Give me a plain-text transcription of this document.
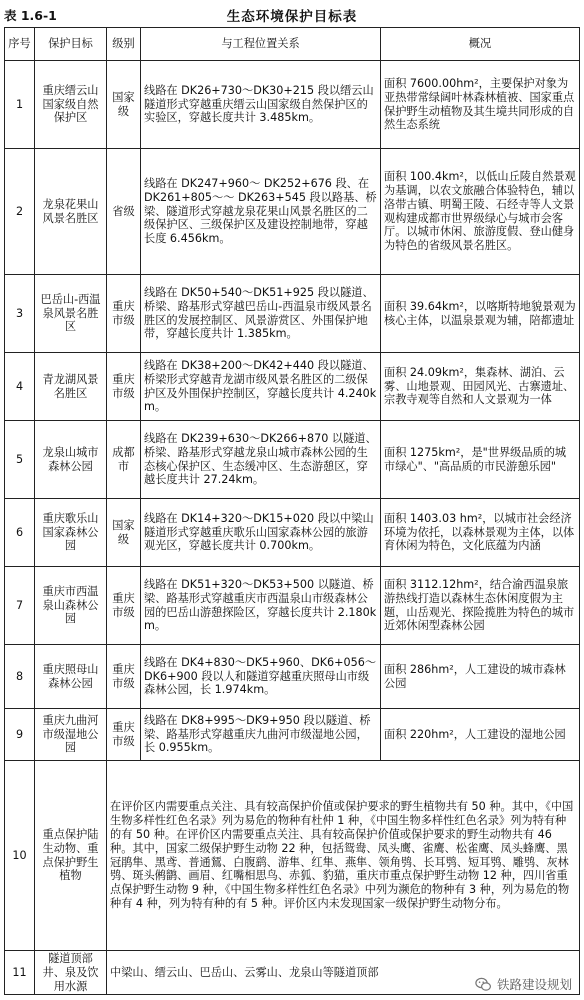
表 1.6-1	生态环境保护目标表
序号	保护目标	级别	与工程位置关系	概况
1	重庆缙云山国家级自然保护区	国家级	线路在 DK26+730～DK30+215 段以缙云山隧道形式穿越重庆缙云山国家级自然保护区的实验区，穿越长度共计 3.485km。	面积 7600.00hm²，主要保护对象为亚热带常绿阔叶林森林植被、国家重点保护野生动植物及其生境共同形成的自然生态系统
2	龙泉花果山风景名胜区	省级	线路在 DK247+960～ DK252+676 段、在 DK261+805～～ DK263+545 段以路基、桥梁、隧道形式穿越龙泉花果山风景名胜区的二级保护区、三级保护区及建设控制地带，穿越长度 6.456km。	面积 100.4km²，以低山丘陵自然景观为基调，以农文旅融合体验特色，辅以洛带古镇、明蜀王陵、石经寺等人文景观构建成都市世界级绿心与城市会客厅。以城市休闲、旅游度假、登山健身为特色的省级风景名胜区。
3	巴岳山-西温泉风景名胜区	重庆市级	线路在 DK50+540～DK51+925 段以隧道、桥梁、路基形式穿越巴岳山-西温泉市级风景名胜区的发展控制区、风景游赏区、外围保护地带，穿越长度共计 1.385km。	面积 39.64km²，以喀斯特地貌景观为核心主体，以温泉景观为辅，陪都遗址
4	青龙湖风景名胜区	重庆市级	线路在 DK38+200～DK42+440 段以隧道、桥梁形式穿越青龙湖市级风景名胜区的二级保护区及外围保护控制区，穿越长度共计 4.240km。	面积 24.09km²，集森林、湖泊、云雾、山地景观、田园风光、古寨遗址、宗教寺观等自然和人文景观为一体
5	龙泉山城市森林公园	成都市	线路在 DK239+630～DK266+870 以隧道、桥梁、路基形式穿越龙泉山城市森林公园的生态核心保护区、生态缓冲区、生态游憩区，穿越长度共计 27.24km。	面积 1275km²，是"世界级品质的城市绿心"、"高品质的市民游憩乐园"
6	重庆歌乐山国家森林公园	国家级	线路在 DK14+320～DK15+020 段以中梁山隧道形式穿越重庆歌乐山国家森林公园的旅游观光区，穿越长度共计 0.700km。	面积 1403.03 hm²，以城市社会经济环境为依托，以森林景观为主体，以体育休闲为特色，文化底蕴为内涵
7	重庆市西温泉山森林公园	重庆市级	线路在 DK51+320～DK53+500 以隧道、桥梁、路基形式穿越重庆市西温泉山市级森林公园的巴岳山游憩探险区，穿越长度共计 2.180km。	面积 3112.12hm²，结合渝西温泉旅游热线打造以森林生态休闲度假为主题，山岳观光、探险揽胜为特色的城市近郊休闲型森林公园
8	重庆照母山森林公园	重庆市级	线路在 DK4+830～DK5+960、DK6+056～DK6+900 段以人和隧道穿越重庆照母山市级森林公园，长 1.974km。	面积 286hm²，人工建设的城市森林公园
9	重庆九曲河市级湿地公园	重庆市级	线路在 DK8+995～DK9+950 段以隧道、桥梁、路基形式穿越重庆九曲河市级湿地公园，长 0.955km。	面积 220hm²，人工建设的湿地公园
10	重点保护陆生动物、重点保护野生植物	在评价区内需要重点关注、具有较高保护价值或保护要求的野生植物共有 50 种。其中，《中国生物多样性红色名录》列为易危的物种有杜仲 1 种，《中国生物多样性红色名录》列为特有种的有 50 种。在评价区内需要重点关注、具有较高保护价值或保护要求的野生动物共有 46 种。其中，国家二级保护野生动物 22 种，包括鸳鸯、凤头鹰、雀鹰、松雀鹰、凤头蜂鹰、黑冠鹃隼、黑鸢、普通鵟、白腹鹞、游隼、红隼、燕隼、领角鸮、长耳鸮、短耳鸮、雕鸮、灰林鸮、斑头鸺鹠、画眉、红嘴相思鸟、赤狐、豹猫，重庆市重点保护野生动物 12 种，四川省重点保护野生动物 9 种，《中国生物多样性红色名录》中列为濒危的物种有 3 种，列为易危的物种有 4 种，列为特有种的有 5 种。评价区内未发现国家一级保护野生动物分布。		
11	隧道顶部井、泉及饮用水源	中梁山、缙云山、巴岳山、云雾山、龙泉山等隧道顶部		
铁路建设规划
